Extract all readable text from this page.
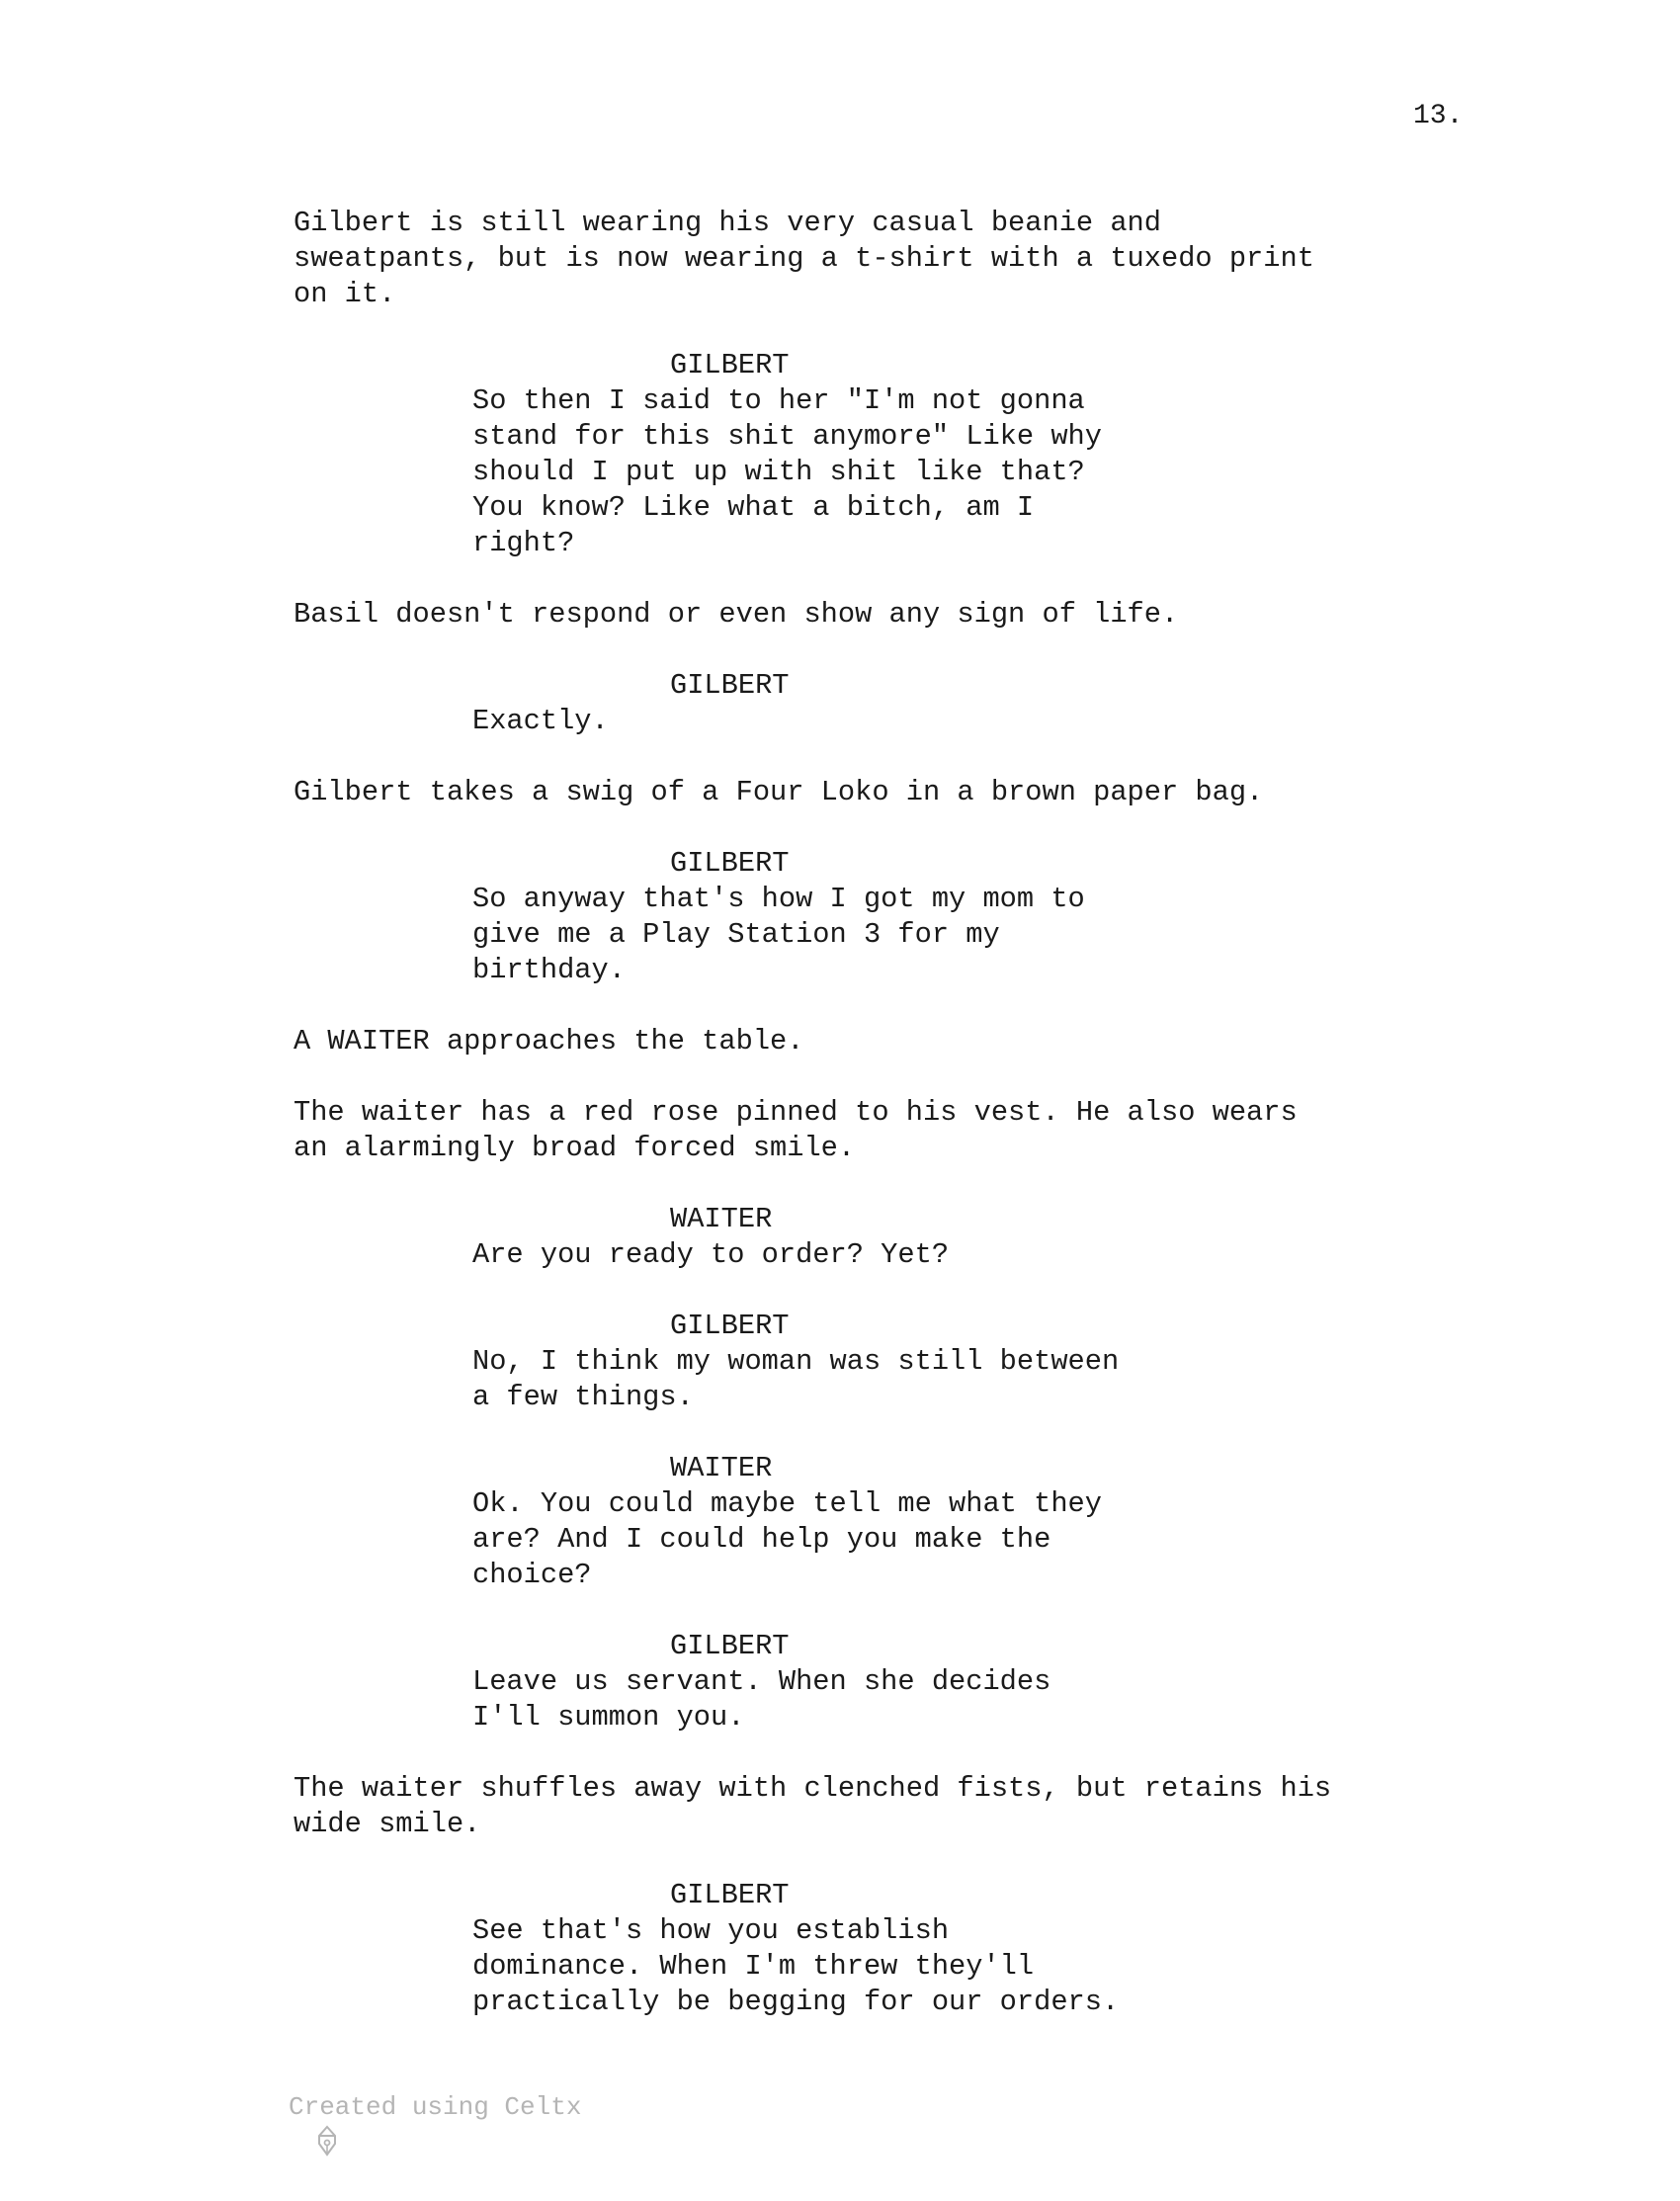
13.
Gilbert is still wearing his very casual beanie and
sweatpants, but is now wearing a t-shirt with a tuxedo print
on it.
GILBERT
So then I said to her "I'm not gonna
stand for this shit anymore" Like why
should I put up with shit like that?
You know? Like what a bitch, am I
right?
Basil doesn't respond or even show any sign of life.
GILBERT
Exactly.
Gilbert takes a swig of a Four Loko in a brown paper bag.
GILBERT
So anyway that's how I got my mom to
give me a Play Station 3 for my
birthday.
A WAITER approaches the table.
The waiter has a red rose pinned to his vest. He also wears
an alarmingly broad forced smile.
WAITER
Are you ready to order? Yet?
GILBERT
No, I think my woman was still between
a few things.
WAITER
Ok. You could maybe tell me what they
are? And I could help you make the
choice?
GILBERT
Leave us servant. When she decides
I'll summon you.
The waiter shuffles away with clenched fists, but retains his
wide smile.
GILBERT
See that's how you establish
dominance. When I'm threw they'll
practically be begging for our orders.

Created using Celtx
